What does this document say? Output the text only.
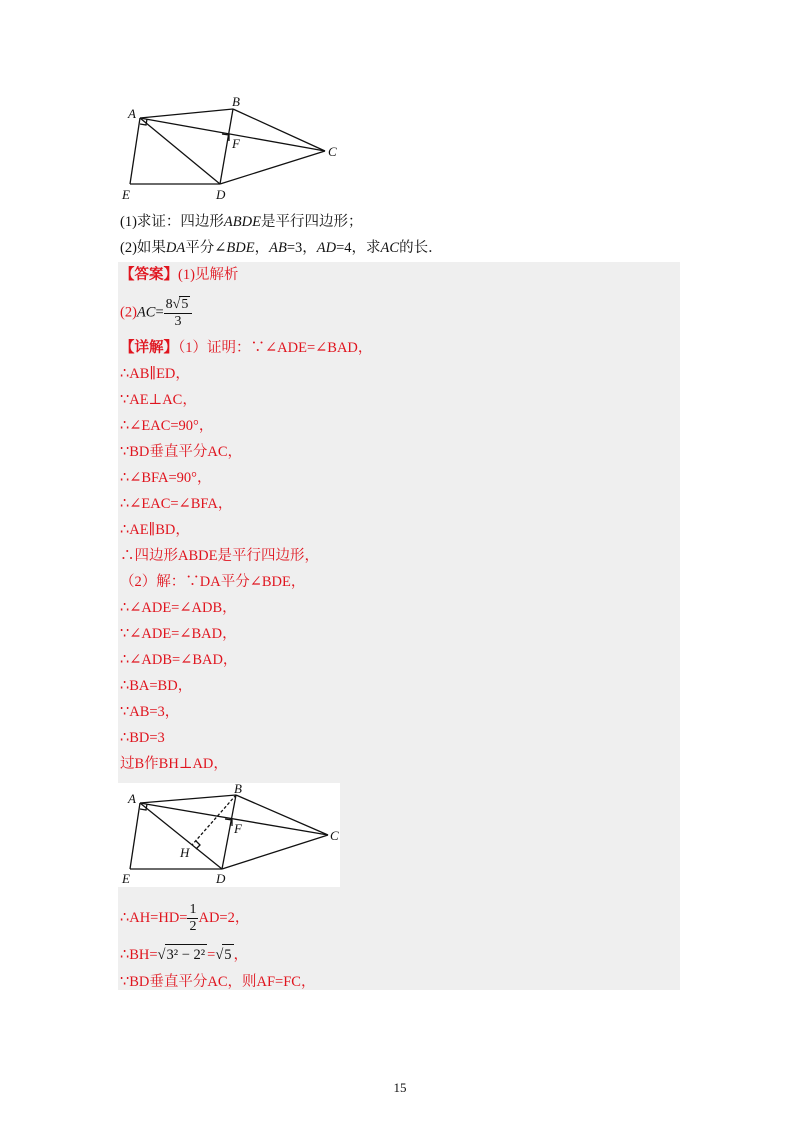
A
B
C
D
E
F
(1)求证：四边形ABDE是平行四边形；
(2)如果DA平分∠BDE，AB=3，AD=4，求AC的长．
【答案】(1)见解析
$(2)AC= \frac{8√5}{3}$
【详解】（1）证明：∵∠ADE=∠BAD，
∴AB∥ED，
∵AE⊥AC，
∴∠EAC=90°，
∵BD垂直平分AC，
∴∠BFA=90°，
∴∠EAC=∠BFA，
∴AE∥BD，
∴四边形ABDE是平行四边形，
（2）解：∵DA平分∠BDE，
∴∠ADE=∠ADB，
∵∠ADE=∠BAD，
∴∠ADB=∠BAD，
∴BA=BD，
∵AB=3，
∴BD=3
过B作BH⊥AD，
A
B
C
D
E
F
H
∴AH=HD= $\frac{1}{2} AD=2$，
∴BH=√3² − 2² =√5 ，
∵BD垂直平分AC，则AF=FC，
15
